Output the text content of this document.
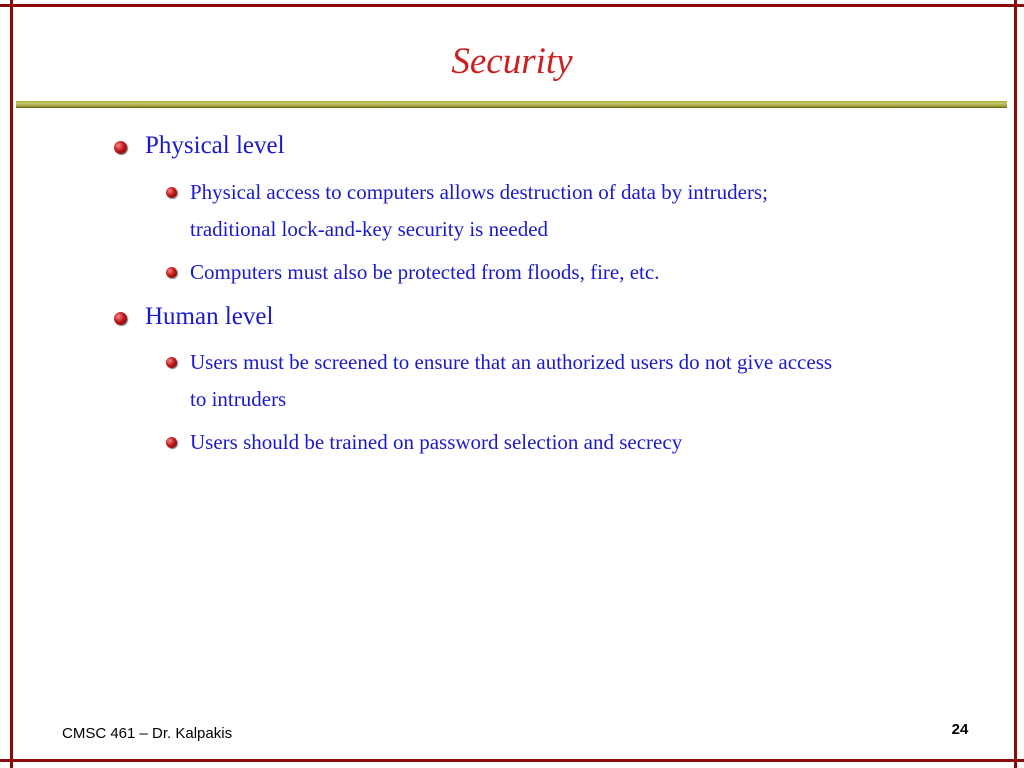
Security
Physical level
Physical access to computers allows destruction of data by intruders;
traditional lock-and-key security is needed
Computers must also be protected from floods, fire, etc.
Human level
Users must be screened to ensure that an authorized users do not give access
to intruders
Users should be trained on password selection and secrecy
CMSC 461 – Dr. Kalpakis	24
